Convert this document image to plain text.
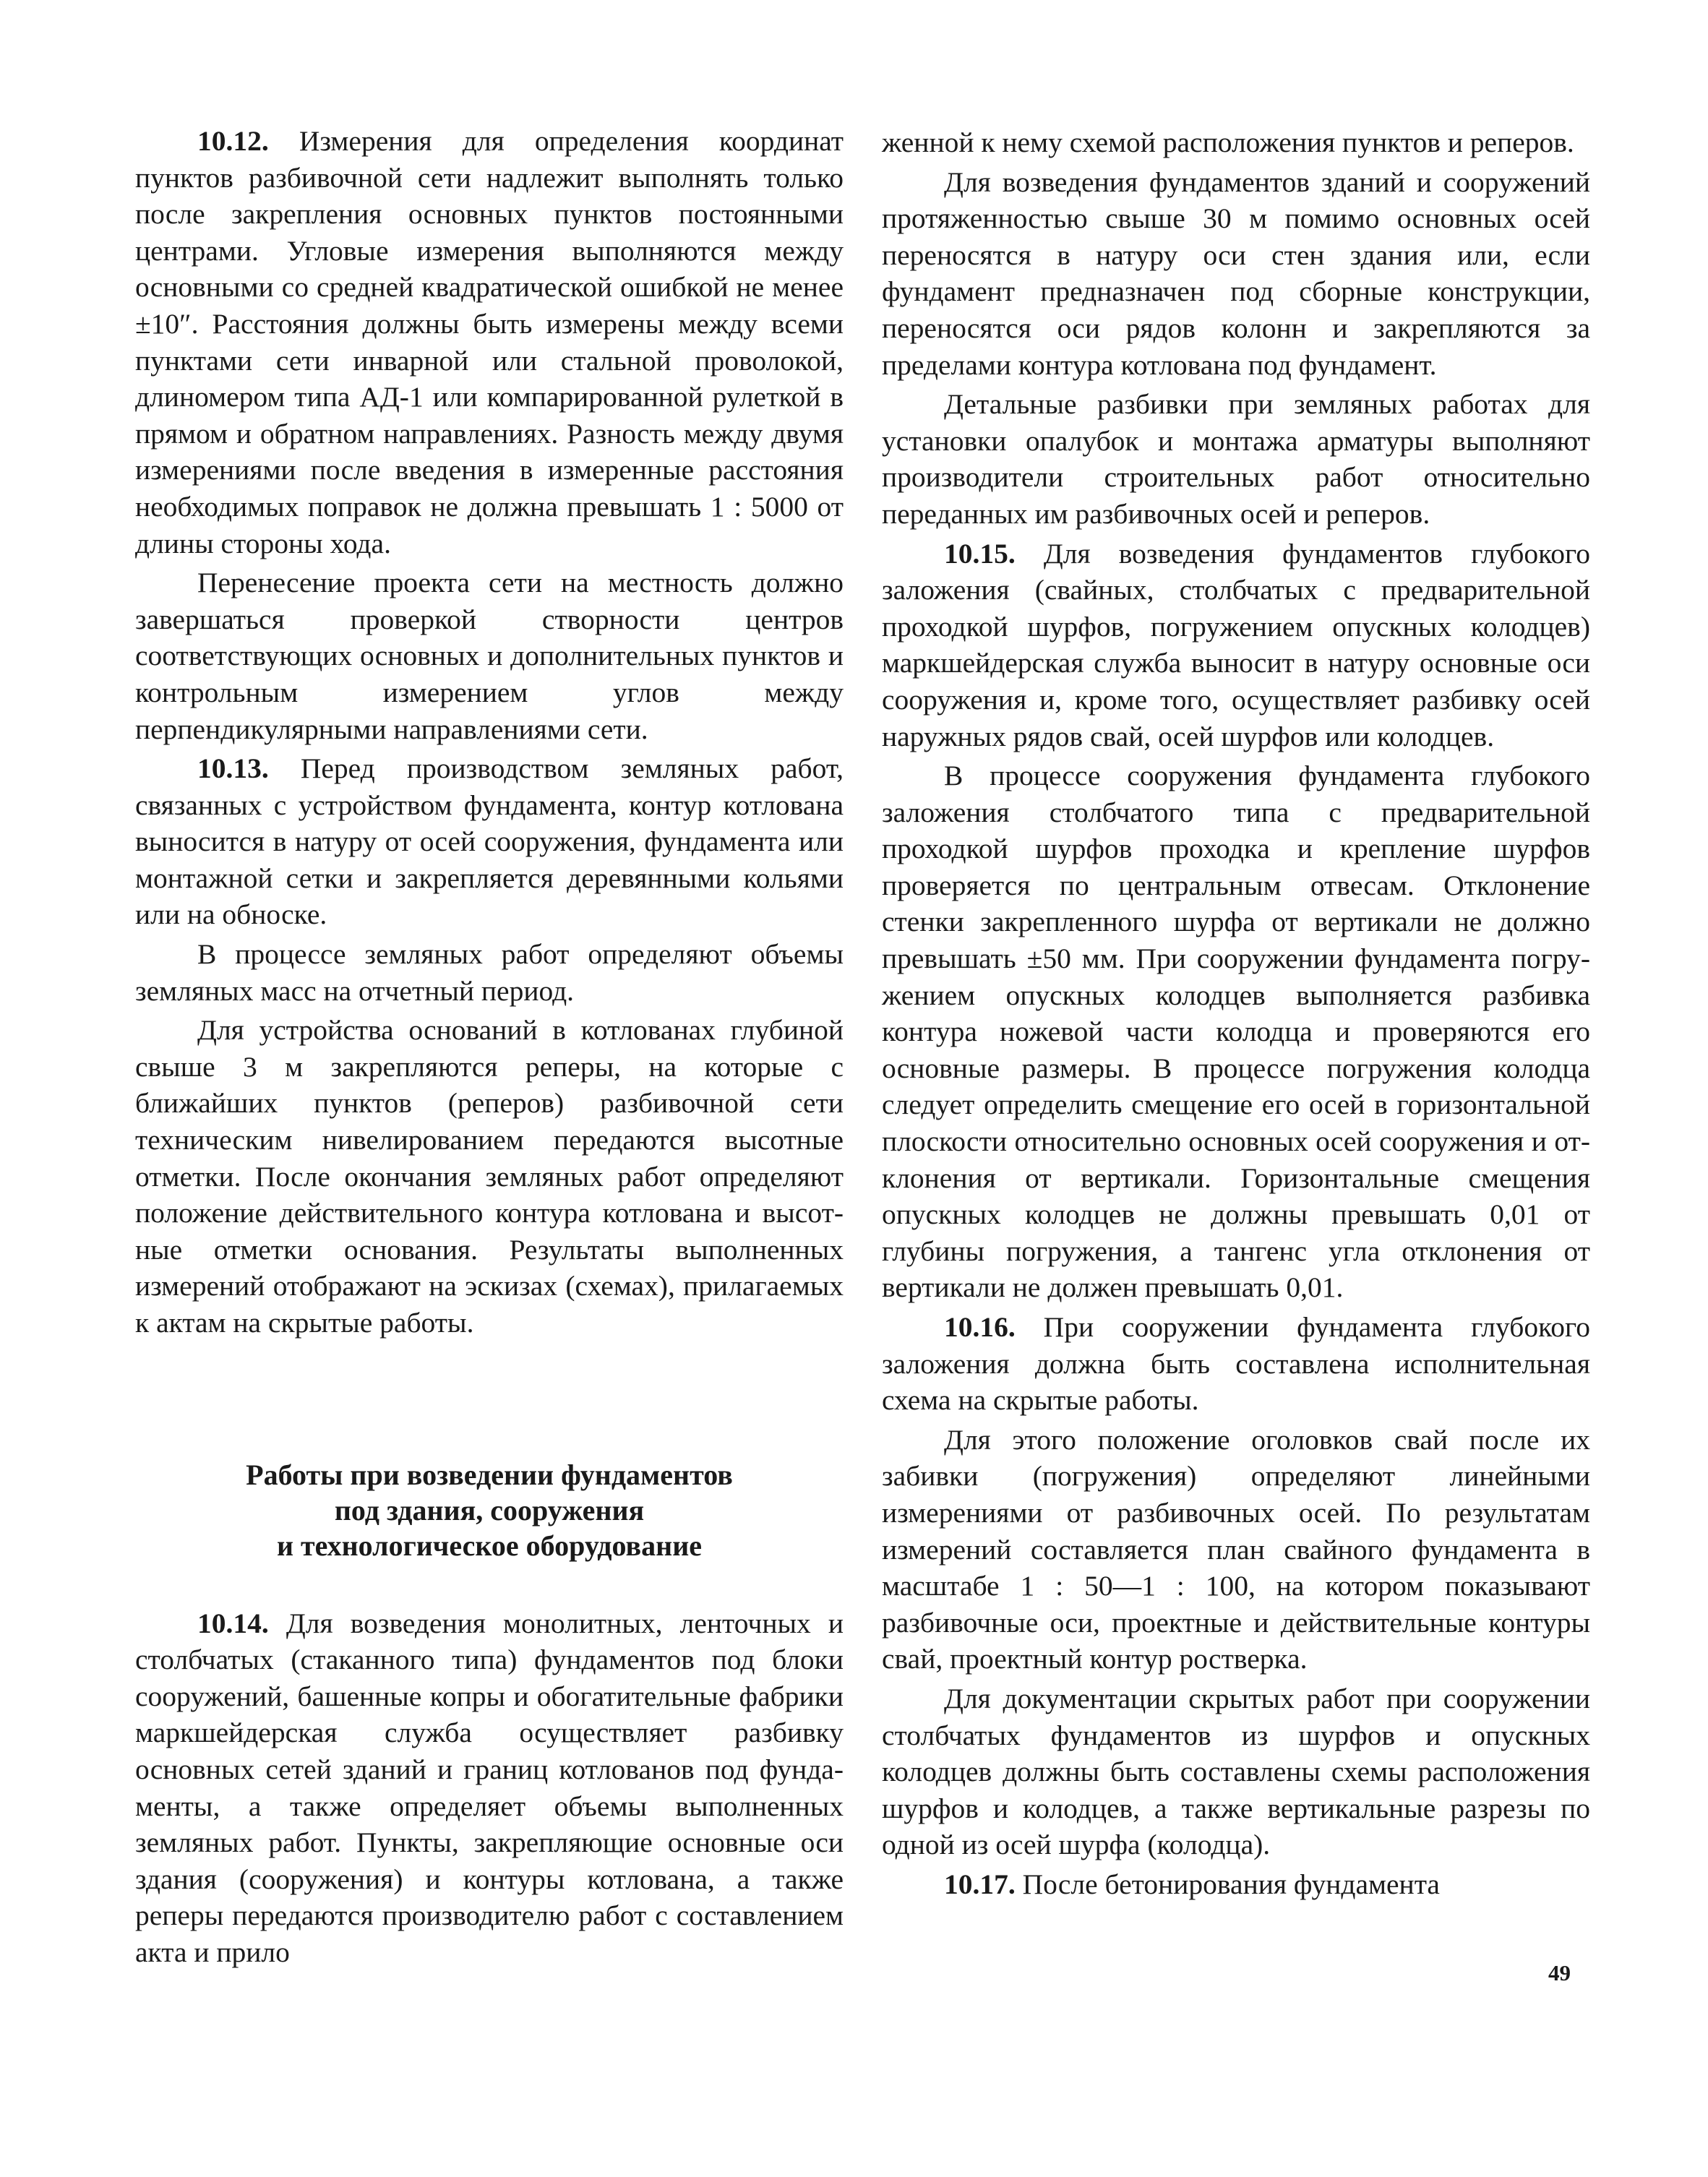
10.12. Измерения для определения координат пунктов разбивочной сети надлежит выполнять только после закрепления основных пунктов постоянными центрами. Угловые измерения выполняются между основными со средней квадратической ошибкой не менее ±10″. Расстояния должны быть измерены между всеми пунктами сети инварной или стальной проволокой, длиномером типа АД-1 или компарированной рулеткой в прямом и обратном направлениях. Разность между двумя измерениями после введения в измеренные расстояния необходимых поправок не должна превышать 1 : 5000 от длины стороны хода.

Перенесение проекта сети на местность должно завершаться проверкой створности центров соответствующих основных и дополнительных пунктов и контрольным измерением углов между перпендикулярными направлениями сети.

10.13. Перед производством земляных работ, связанных с устройством фундамента, контур котлована выносится в натуру от осей сооружения, фундамента или монтажной сетки и закрепляется деревянными кольями или на обноске.

В процессе земляных работ определяют объемы земляных масс на отчетный период.

Для устройства оснований в котлованах глубиной свыше 3 м закрепляются реперы, на которые с ближайших пунктов (реперов) разбивочной сети техническим нивелированием передаются высотные отметки. После окончания земляных работ определяют положение действительного контура котлована и высотные отметки основания. Результаты выполненных измерений отображают на эскизах (схемах), прилагаемых к актам на скрытые работы.

Работы при возведении фундаментов
под здания, сооружения
и технологическое оборудование

10.14. Для возведения монолитных, ленточных и столбчатых (стаканного типа) фундаментов под блоки сооружений, башенные копры и обогатительные фабрики маркшейдерская служба осуществляет разбивку основных сетей зданий и границ котлованов под фундаменты, а также определяет объемы выполненных земляных работ. Пункты, закрепляющие основные оси здания (сооружения) и контуры котлована, а также реперы передаются производителю работ с составлением акта и прило

женной к нему схемой расположения пунктов и реперов.

Для возведения фундаментов зданий и сооружений протяженностью свыше 30 м помимо основных осей переносятся в натуру оси стен здания или, если фундамент предназначен под сборные конструкции, переносятся оси рядов колонн и закрепляются за пределами контура котлована под фундамент.

Детальные разбивки при земляных работах для установки опалубок и монтажа арматуры выполняют производители строительных работ относительно переданных им разбивочных осей и реперов.

10.15. Для возведения фундаментов глубокого заложения (свайных, столбчатых с предварительной проходкой шурфов, погружением опускных колодцев) маркшейдерская служба выносит в натуру основные оси сооружения и, кроме того, осуществляет разбивку осей наружных рядов свай, осей шурфов или колодцев.

В процессе сооружения фундамента глубокого заложения столбчатого типа с предварительной проходкой шурфов проходка и крепление шурфов проверяется по центральным отвесам. Отклонение стенки закрепленного шурфа от вертикали не должно превышать ±50 мм. При сооружении фундамента погружением опускных колодцев выполняется разбивка контура ножевой части колодца и проверяются его основные размеры. В процессе погружения колодца следует определить смещение его осей в горизонтальной плоскости относительно основных осей сооружения и отклонения от вертикали. Горизонтальные смещения опускных колодцев не должны превышать 0,01 от глубины погружения, а тангенс угла отклонения от вертикали не должен превышать 0,01.

10.16. При сооружении фундамента глубокого заложения должна быть составлена исполнительная схема на скрытые работы.

Для этого положение оголовков свай после их забивки (погружения) определяют линейными измерениями от разбивочных осей. По результатам измерений составляется план свайного фундамента в масштабе 1 : 50—1 : 100, на котором показывают разбивочные оси, проектные и действительные контуры свай, проектный контур ростверка.

Для документации скрытых работ при сооружении столбчатых фундаментов из шурфов и опускных колодцев должны быть составлены схемы расположения шурфов и колодцев, а также вертикальные разрезы по одной из осей шурфа (колодца).

10.17. После бетонирования фундамента

49
